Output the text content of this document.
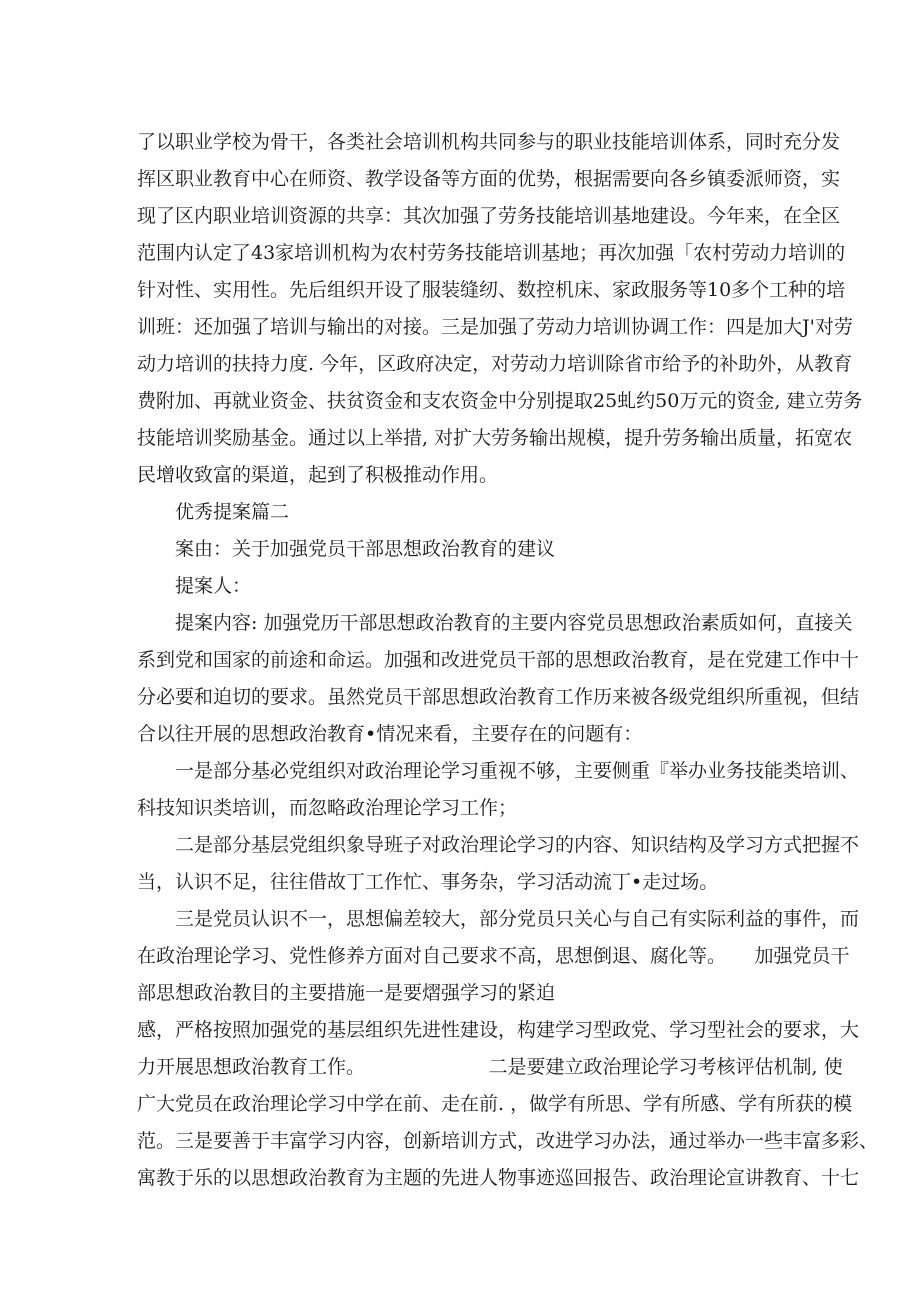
了以职业学校为骨干，各类社会培训机构共同参与的职业技能培训体系，同时充分发
挥区职业教育中心在师资、教学设备等方面的优势，根据需要向各乡镇委派师资，实
现了区内职业培训资源的共享：其次加强了劳务技能培训基地建设。今年来，在全区
范围内认定了43家培训机构为农村劳务技能培训基地；再次加强「农村劳动力培训的
针对性、实用性。先后组织开设了服装缝纫、数控机床、家政服务等10多个工种的培
训班：还加强了培训与输出的对接。三是加强了劳动力培训协调工作：四是加大J'对劳
动力培训的扶持力度. 今年，区政府决定，对劳动力培训除省市给予的补助外，从教育
费附加、再就业资金、扶贫资金和支农资金中分别提取25虬约50万元的资金, 建立劳务
技能培训奖励基金。通过以上举措, 对扩大劳务输出规模，提升劳务输出质量，拓宽农
民增收致富的渠道，起到了积极推动作用。
优秀提案篇二
案由：关于加强党员干部思想政治教育的建议
提案人：
提案内容: 加强党历干部思想政治教育的主要内容党员思想政治素质如何，直接关
系到党和国家的前途和命运。加强和改进党员干部的思想政治教育，是在党建工作中十
分必要和迫切的要求。虽然党员干部思想政治教育工作历来被各级党组织所重视，但结
合以往开展的思想政治教育•情况来看，主要存在的问题有：
一是部分基必党组织对政治理论学习重视不够，主要侧重『举办业务技能类培训、
科技知识类培训，而忽略政治理论学习工作；
二是部分基层党组织象导班子对政治理论学习的内容、知识结构及学习方式把握不
当，认识不足，往往借故丁工作忙、事务杂，学习活动流丁•走过场。
三是党员认识不一，思想偏差较大，部分党员只关心与自己有实际利益的事件，而
在政治理论学习、党性修养方面对自己要求不高，思想倒退、腐化等。　　加强党员干
部思想政治教目的主要措施一是要熠强学习的紧迫
感，严格按照加强党的基层组织先进性建设，构建学习型政党、学习型社会的要求，大
力开展思想政治教育工作。　　　　　　　二是要建立政治理论学习考核评估机制, 使
广大党员在政治理论学习中学在前、走在前. ，做学有所思、学有所感、学有所获的模
范。三是要善于丰富学习内容，创新培训方式，改进学习办法，通过举办一些丰富多彩、
寓教于乐的以思想政治教育为主题的先进人物事迹巡回报告、政治理论宣讲教育、十七
